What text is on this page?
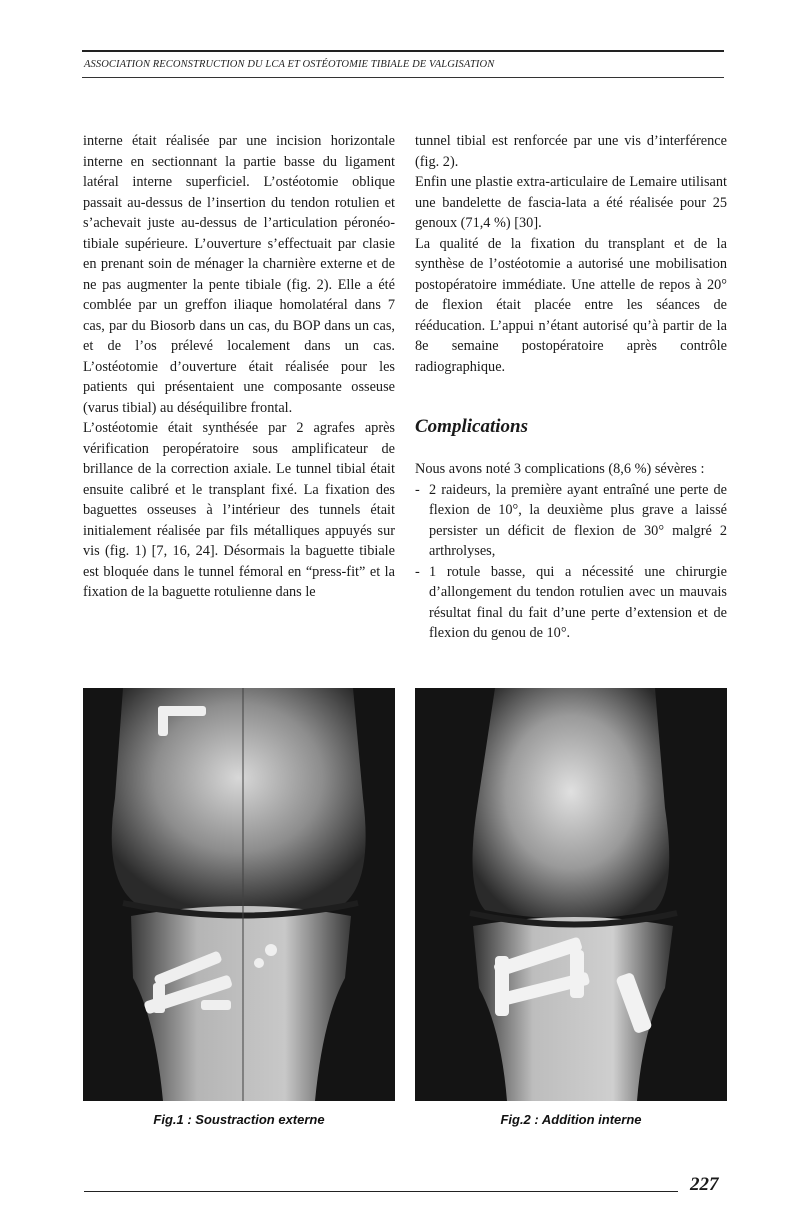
ASSOCIATION RECONSTRUCTION DU LCA ET OSTÉOTOMIE TIBIALE DE VALGISATION

interne était réalisée par une incision horizontale interne en sectionnant la partie basse du ligament latéral interne superficiel. L’ostéotomie oblique passait au-dessus de l’insertion du tendon rotulien et s’achevait juste au-dessus de l’articulation péronéo-tibiale supérieure. L’ouverture s’effectuait par clasie en prenant soin de ménager la charnière externe et de ne pas augmenter la pente tibiale (fig. 2). Elle a été comblée par un greffon iliaque homolatéral dans 7 cas, par du Biosorb dans un cas, du BOP dans un cas, et de l’os prélevé localement dans un cas. L’ostéotomie d’ouverture était réalisée pour les patients qui présentaient une composante osseuse (varus tibial) au déséquilibre frontal.

L’ostéotomie était synthésée par 2 agrafes après vérification peropératoire sous amplificateur de brillance de la correction axiale. Le tunnel tibial était ensuite calibré et le transplant fixé. La fixation des baguettes osseuses à l’intérieur des tunnels était initialement réalisée par fils métalliques appuyés sur vis (fig. 1) [7, 16, 24]. Désormais la baguette tibiale est bloquée dans le tunnel fémoral en “press-fit” et la fixation de la baguette rotulienne dans le

tunnel tibial est renforcée par une vis d’interférence (fig. 2).

Enfin une plastie extra-articulaire de Lemaire utilisant une bandelette de fascia-lata a été réalisée pour 25 genoux (71,4 %) [30].

La qualité de la fixation du transplant et de la synthèse de l’ostéotomie a autorisé une mobilisation postopératoire immédiate. Une attelle de repos à 20° de flexion était placée entre les séances de rééducation. L’appui n’étant autorisé qu’à partir de la 8e semaine postopératoire après contrôle radiographique.

Complications

Nous avons noté 3 complications (8,6 %) sévères :

- 2 raideurs, la première ayant entraîné une perte de flexion de 10°, la deuxième plus grave a laissé persister un déficit de flexion de 30° malgré 2 arthrolyses,
- 1 rotule basse, qui a nécessité une chirurgie d’allongement du tendon rotulien avec un mauvais résultat final du fait d’une perte d’extension et de flexion du genou de 10°.
Fig.1 : Soustraction externe	Fig.2 : Addition interne
227
